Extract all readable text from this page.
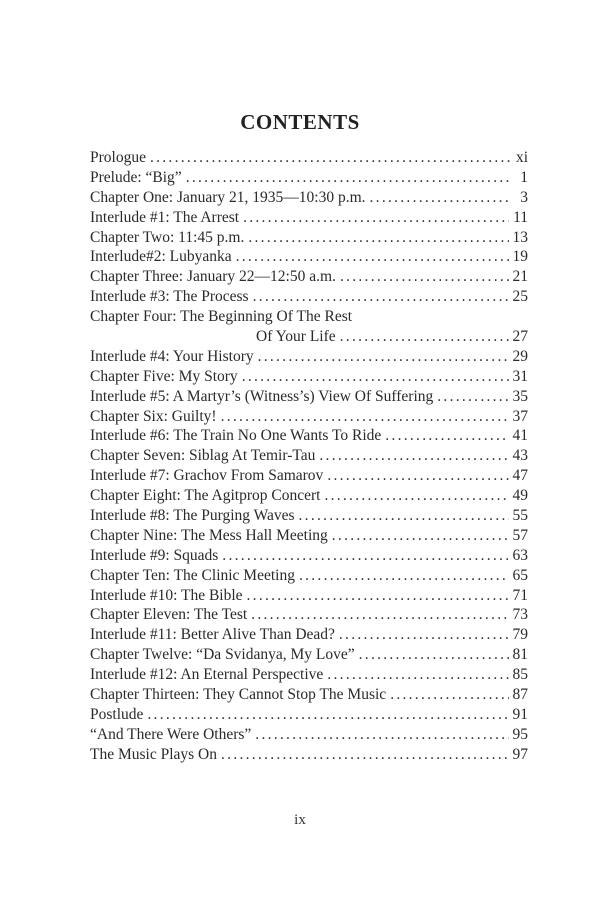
CONTENTS
Prologue . . .	xi
Prelude: “Big” . . .	1
Chapter One: January 21, 1935—10:30 p.m. . . .	3
Interlude #1: The Arrest . . .	11
Chapter Two: 11:45 p.m. . . .	13
Interlude#2: Lubyanka . . .	19
Chapter Three: January 22—12:50 a.m. . . .	21
Interlude #3: The Process . . .	25
Chapter Four: The Beginning Of The Rest
Of Your Life . . .	27
Interlude #4: Your History . . .	29
Chapter Five: My Story . . .	31
Interlude #5: A Martyr’s (Witness’s) View Of Suffering . . .	35
Chapter Six: Guilty! . . .	37
Interlude #6: The Train No One Wants To Ride . . .	41
Chapter Seven: Siblag At Temir-Tau . . .	43
Interlude #7: Grachov From Samarov . . .	47
Chapter Eight: The Agitprop Concert . . .	49
Interlude #8: The Purging Waves . . .	55
Chapter Nine: The Mess Hall Meeting . . .	57
Interlude #9: Squads . . .	63
Chapter Ten: The Clinic Meeting . . .	65
Interlude #10: The Bible . . .	71
Chapter Eleven: The Test . . .	73
Interlude #11: Better Alive Than Dead? . . .	79
Chapter Twelve: “Da Svidanya, My Love” . . .	81
Interlude #12: An Eternal Perspective . . .	85
Chapter Thirteen: They Cannot Stop The Music . . .	87
Postlude . . .	91
“And There Were Others” . . .	95
The Music Plays On . . .	97
ix
